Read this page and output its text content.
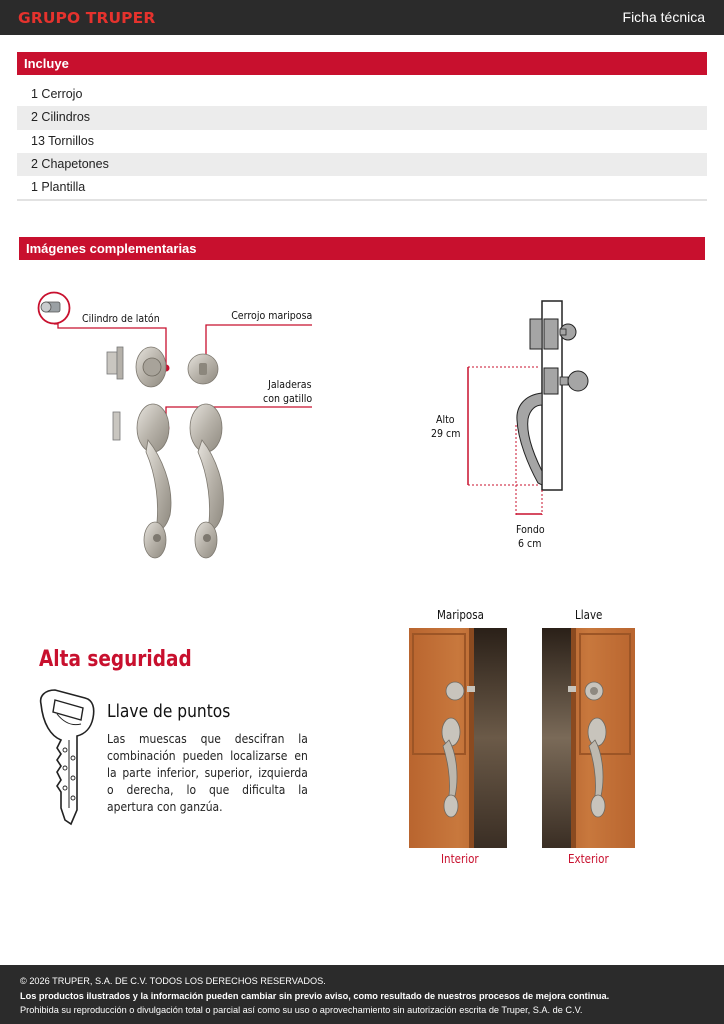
GRUPO TRUPER	Ficha técnica
Incluye
1 Cerrojo
2 Cilindros
13 Tornillos
2 Chapetones
1 Plantilla
Imágenes complementarias
Cilindro de latón	Cerrojo mariposa
Jaladeras
con gatillo
Alto
29 cm
Fondo
6 cm
Alta seguridad
Llave de puntos
Las muescas que descifran la combinación pueden localizarse en la parte inferior, superior, izquierda o derecha, lo que dificulta la apertura con ganzúa.
Mariposa	Llave
Interior	Exterior
© 2026 TRUPER, S.A. DE C.V. TODOS LOS DERECHOS RESERVADOS.
Los productos ilustrados y la información pueden cambiar sin previo aviso, como resultado de nuestros procesos de mejora continua.
Prohibida su reproducción o divulgación total o parcial así como su uso o aprovechamiento sin autorización escrita de Truper, S.A. de C.V.
